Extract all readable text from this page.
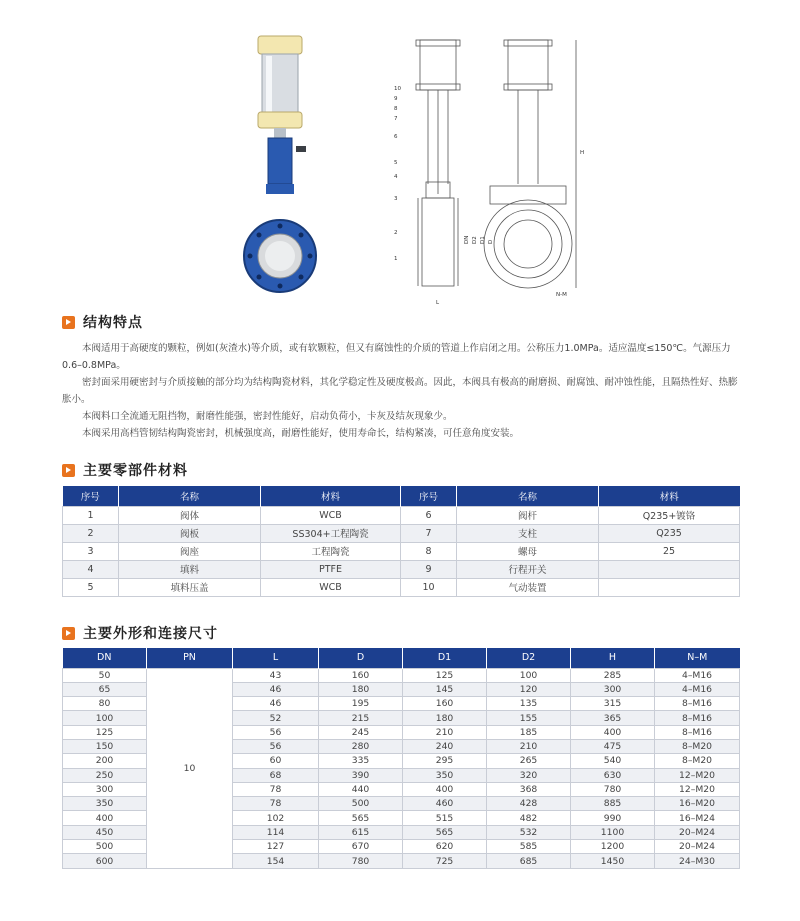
10
9
8
7
6
5
4
3
2
1
DN D2 D1 D
H
L
N-M
结构特点

本阀适用于高硬度的颗粒，例如(灰渣水)等介质，或有软颗粒，但又有腐蚀性的介质的管道上作启闭之用。公称压力1.0MPa。适应温度≤150℃。气源压力0.6–0.8MPa。

密封面采用硬密封与介质接触的部分均为结构陶瓷材料，其化学稳定性及硬度极高。因此，本阀具有极高的耐磨损、耐腐蚀、耐冲蚀性能，且隔热性好、热膨胀小。

本阀料口全流通无阻挡物，耐磨性能强，密封性能好，启动负荷小，卡灰及结灰现象少。

本阀采用高档管韧结构陶瓷密封，机械强度高，耐磨性能好，使用寿命长，结构紧凑，可任意角度安装。

主要零部件材料
序号	名称	材料	序号	名称	材料
1	阀体	WCB	6	阀杆	Q235+镀铬
2	阀板	SS304+工程陶瓷	7	支柱	Q235
3	阀座	工程陶瓷	8	螺母	25
4	填料	PTFE	9	行程开关	
5	填料压盖	WCB	10	气动装置	
主要外形和连接尺寸
DN	PN	L	D	D1	D2	H	N–M
50	10	43	160	125	100	285	4–M16
65		46	180	145	120	300	4–M16
80		46	195	160	135	315	8–M16
100		52	215	180	155	365	8–M16
125		56	245	210	185	400	8–M16
150		56	280	240	210	475	8–M20
200		60	335	295	265	540	8–M20
250		68	390	350	320	630	12–M20
300		78	440	400	368	780	12–M20
350		78	500	460	428	885	16–M20
400		102	565	515	482	990	16–M24
450		114	615	565	532	1100	20–M24
500		127	670	620	585	1200	20–M24
600		154	780	725	685	1450	24–M30
